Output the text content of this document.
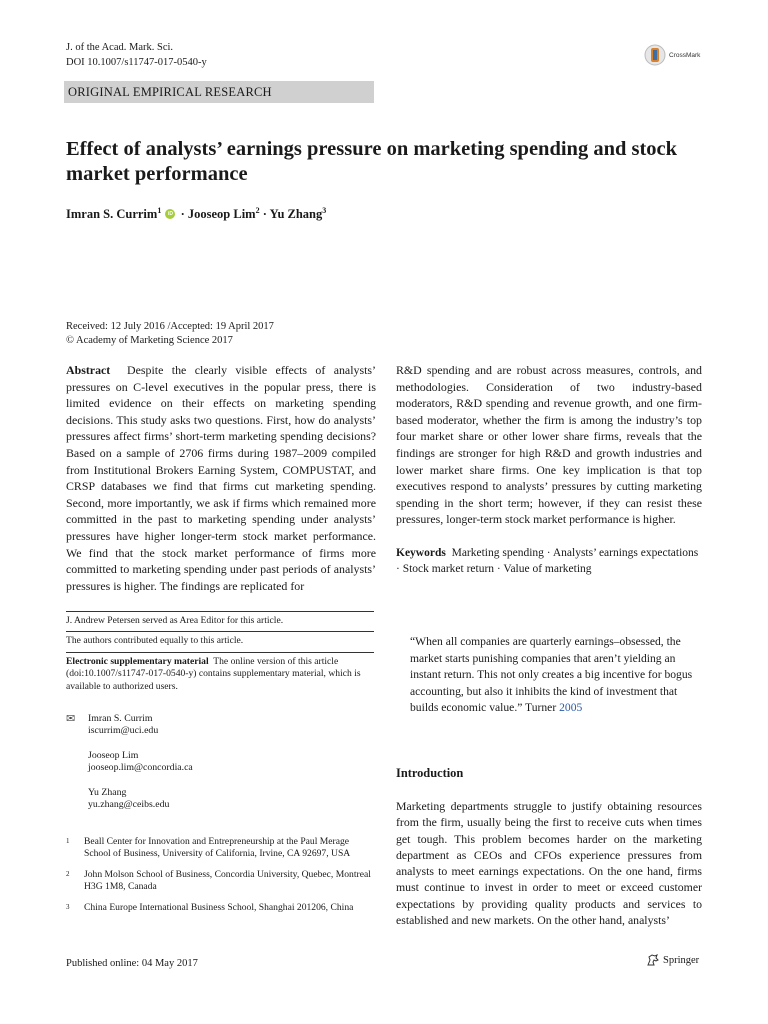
J. of the Acad. Mark. Sci.
DOI 10.1007/s11747-017-0540-y
CrossMark
ORIGINAL EMPIRICAL RESEARCH
Effect of analysts’ earnings pressure on marketing spending and stock market performance
Imran S. Currim$^1$	iD · Jooseop Lim$^2$ · Yu Zhang$^3$
Received: 12 July 2016 /Accepted: 19 April 2017
© Academy of Marketing Science 2017
Abstract Despite the clearly visible effects of analysts’ pressures on C-level executives in the popular press, there is limited evidence on their effects on marketing spending decisions. This study asks two questions. First, how do analysts’ pressures affect firms’ short-term marketing spending decisions? Based on a sample of 2706 firms during 1987–2009 compiled from Institutional Brokers Earning System, COMPUSTAT, and CRSP databases we find that firms cut marketing spending. Second, more importantly, we ask if firms which remained more committed in the past to marketing spending under analysts’ pressures have higher longer-term stock market performance. We find that the stock market performance of firms more committed to marketing spending under past periods of analysts’ pressures is higher. The findings are replicated for
R&D spending and are robust across measures, controls, and methodologies. Consideration of two industry-based moderators, R&D spending and revenue growth, and one firm-based moderator, whether the firm is among the industry’s top four market share or other lower share firms, reveals that the findings are stronger for high R&D and growth industries and lower market share firms. One key implication is that top executives respond to analysts’ pressures by cutting marketing spending in the short term; however, if they can resist these pressures, longer-term stock market performance is higher.
Keywords Marketing spending · Analysts’ earnings expectations · Stock market return · Value of marketing
J. Andrew Petersen served as Area Editor for this article.
The authors contributed equally to this article.
Electronic supplementary material The online version of this article (doi:10.1007/s11747-017-0540-y) contains supplementary material, which is available to authorized users.
✉	Imran S. Currim
iscurrim@uci.edu
Jooseop Lim
jooseop.lim@concordia.ca
Yu Zhang
yu.zhang@ceibs.edu
1	Beall Center for Innovation and Entrepreneurship at the Paul Merage School of Business, University of California, Irvine, CA 92697, USA
2	John Molson School of Business, Concordia University, Quebec, Montreal H3G 1M8, Canada
3	China Europe International Business School, Shanghai 201206, China
“When all companies are quarterly earnings–obsessed, the market starts punishing companies that aren’t yielding an instant return. This not only creates a big incentive for bogus accounting, but also it inhibits the kind of investment that builds economic value.” Turner 2005
Introduction
Marketing departments struggle to justify obtaining resources from the firm, usually being the first to receive cuts when times get tough. This problem becomes harder on the marketing department as CEOs and CFOs experience pressures from analysts to meet earnings expectations. On the one hand, firms must continue to invest in order to meet or exceed customer expectations by providing quality products and services to established and new markets. On the other hand, analysts’
Published online: 04 May 2017	Springer
